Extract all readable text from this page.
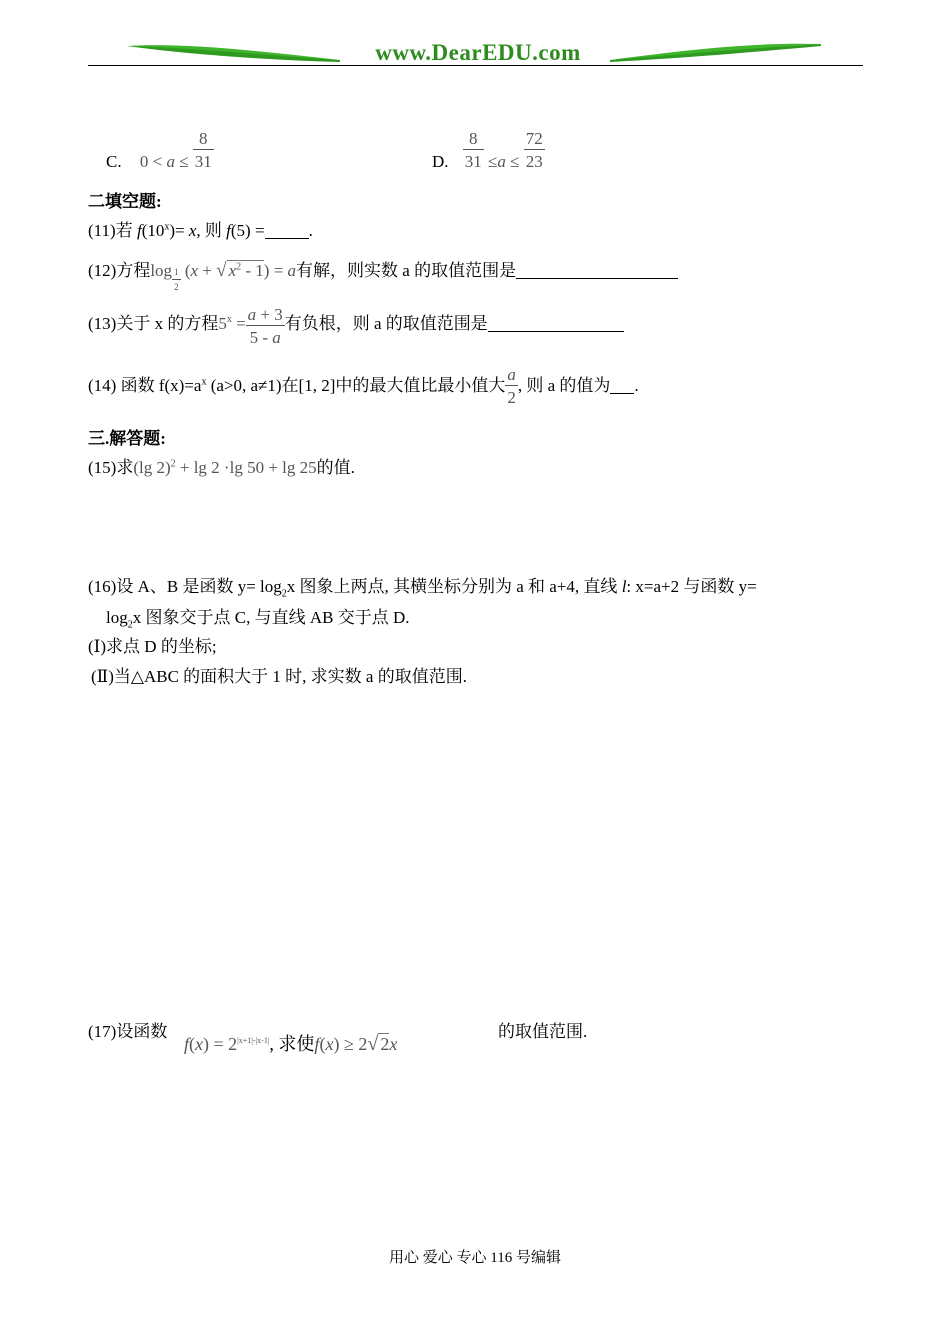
www.DearEDU.com
C. $0 < a \le \frac{8}{31}$	D. $\frac{8}{31} \le a \le \frac{72}{23}$
二填空题:
(11)若 $f(10^x)= x$, 则 f(5) =	.
(12)方程$\log \frac{1}{2} (x$ + √ $x^2 - 1) = a$有解，则实数 a 的取值范围是
(13)关于 x 的方程$5^x = \frac{a + 3}{5 - a}$ 有负根，则 a 的取值范围是
(14) 函数 $f(x)=a^x$ (a>0, a≠1)在[1, 2]中的最大值比最小值大 $\frac{a}{2}$ , 则 a 的值为 .
三.解答题:
(15)求(lg 2)$^2$ + lg 2 ·lg 50 + lg 25的值.
(16)设 A、B 是函数 $y= \log_2x$ 图象上两点, 其横坐标分别为 a 和 a+4, 直线 l: x=a+2 与函数 y=
$\log_2x$ 图象交于点 C, 与直线 AB 交于点 D.
(Ⅰ)求点 D 的坐标;
(Ⅱ)当△ABC 的面积大于 1 时, 求实数 a 的取值范围.
(17)设函数
$f(x) = 2^{|x+1|-|x-1|}$, 求使f(x) ≥ 2√ 2x
的取值范围.
用心 爱心 专心 116 号编辑
